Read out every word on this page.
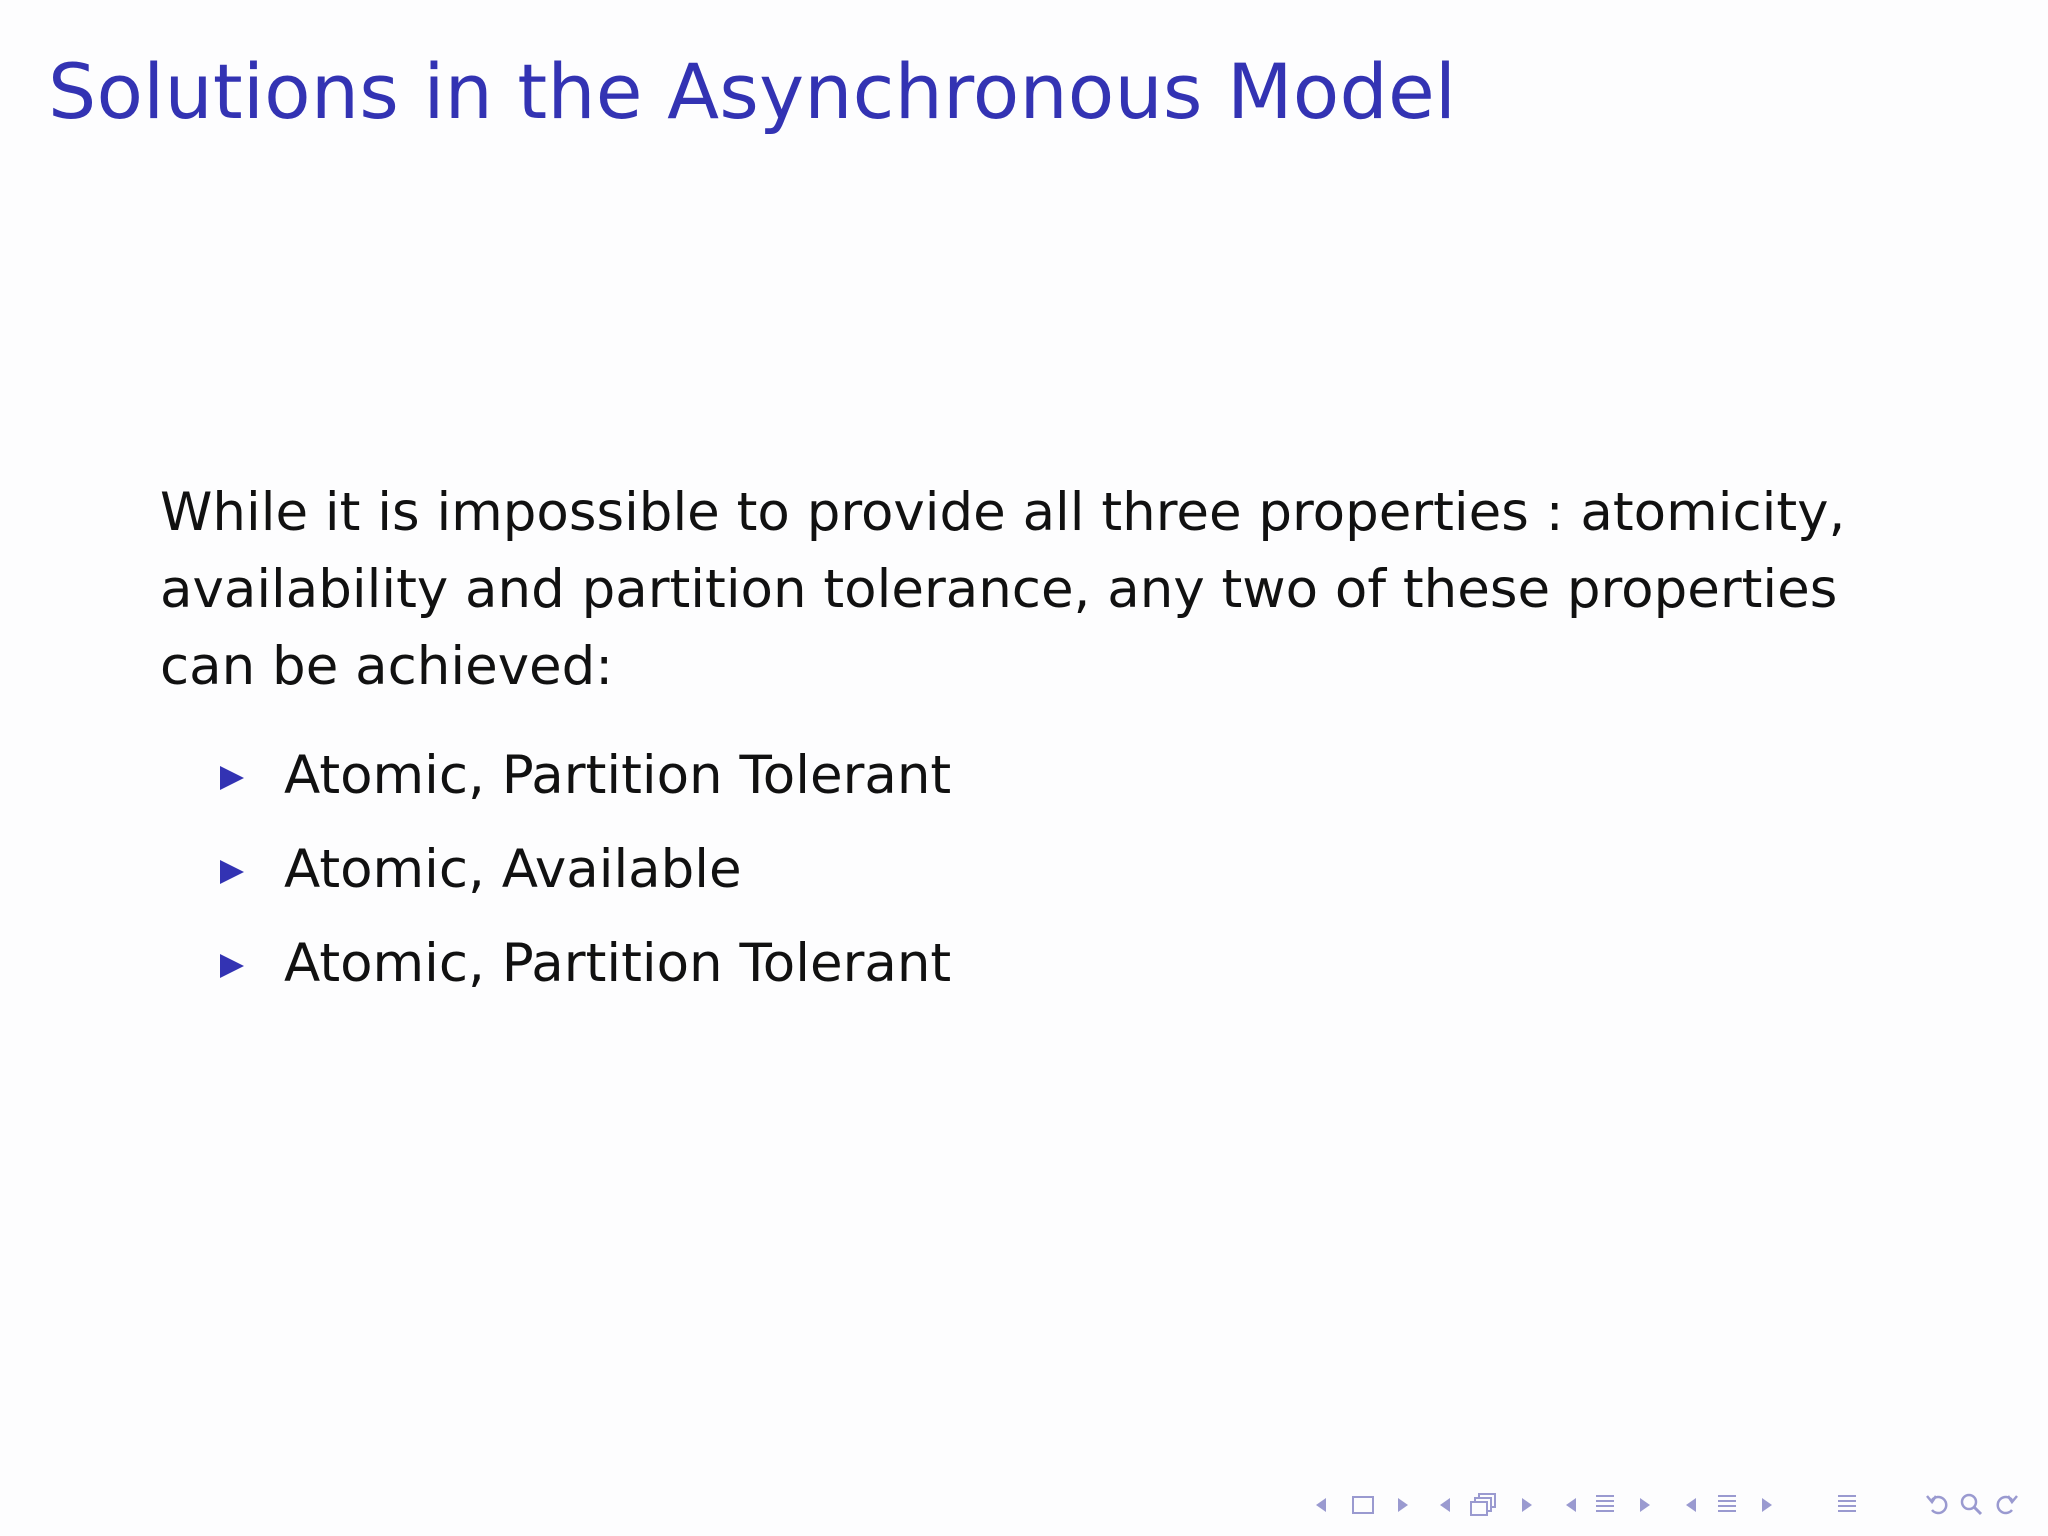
Solutions in the Asynchronous Model

While it is impossible to provide all three properties : atomicity, availability and partition tolerance, any two of these properties can be achieved:

Atomic, Partition Tolerant
Atomic, Available
Atomic, Partition Tolerant
